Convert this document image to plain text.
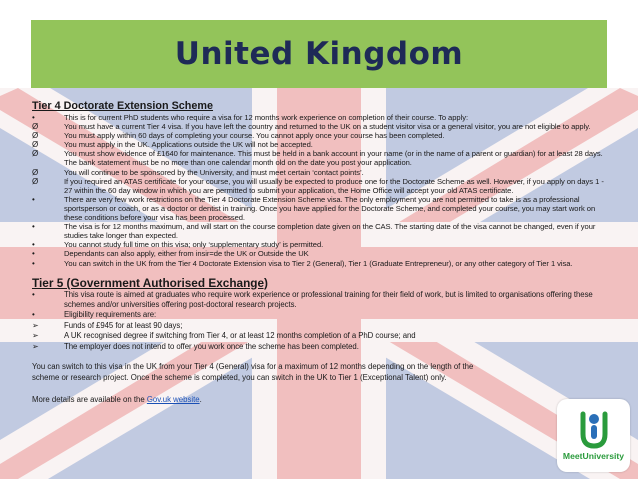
United Kingdom
Tier 4 Doctorate Extension Scheme
•	This is for current PhD students who require a visa for 12 months work experience on completion of their course. To apply:
Ø	You must have a current Tier 4 visa. If you have left the country and returned to the UK on a student visitor visa or a general visitor, you are not eligible to apply.
Ø	You must apply within 60 days of completing your course. You cannot apply once your course has been completed.
Ø	You must apply in the UK. Applications outside the UK will not be accepted.
Ø	You must show evidence of £1640 for maintenance. This must be held in a bank account in your name (or in the name of a parent or guardian) for at least 28 days. The bank statement must be no more than one calendar month old on the date you post your application.
Ø	You will continue to be sponsored by the University, and must meet certain ‘contact points’.
Ø	If you required an ATAS certificate for your course, you will usually be expected to produce one for the Doctorate Scheme as well. However, if you apply on days 1 - 27 within the 60 day window in which you are permitted to submit your application, the Home Office will accept your old ATAS certificate.
•	There are very few work restrictions on the Tier 4 Doctorate Extension Scheme visa. The only employment you are not permitted to take is as a professional sportsperson or coach, or as a doctor or dentist in training. Once you have applied for the Doctorate Scheme, and completed your course, you may start work on these conditions before your visa has been processed.
•	The visa is for 12 months maximum, and will start on the course completion date given on the CAS. The starting date of the visa cannot be changed, even if your studies take longer than expected.
•	You cannot study full time on this visa; only ‘supplementary study’ is permitted.
•	Dependants can also apply, either from insir=de the UK or Outside the UK
•	You can switch in the UK from the Tier 4 Doctorate Extension visa to Tier 2 (General), Tier 1 (Graduate Entrepreneur), or any other category of Tier 1 visa.
Tier 5 (Government Authorised Exchange)
•	This visa route is aimed at graduates who require work experience or professional training for their field of work, but is limited to organisations offering these schemes and/or universities offering post-doctoral research projects.
•	Eligibility requirements are:
➢	Funds of £945 for at least 90 days;
➢	A UK recognised degree if switching from Tier 4, or at least 12 months completion of a PhD course; and
➢	The employer does not intend to offer you work once the scheme has been completed.
You can switch to this visa in the UK from your Tier 4 (General) visa for a maximum of 12 months depending on the length of the scheme or research project. Once the scheme is completed, you can switch in the UK to Tier 1 (Exceptional Talent) only.
More details are available on the Gov.uk website.
MeetUniversity
